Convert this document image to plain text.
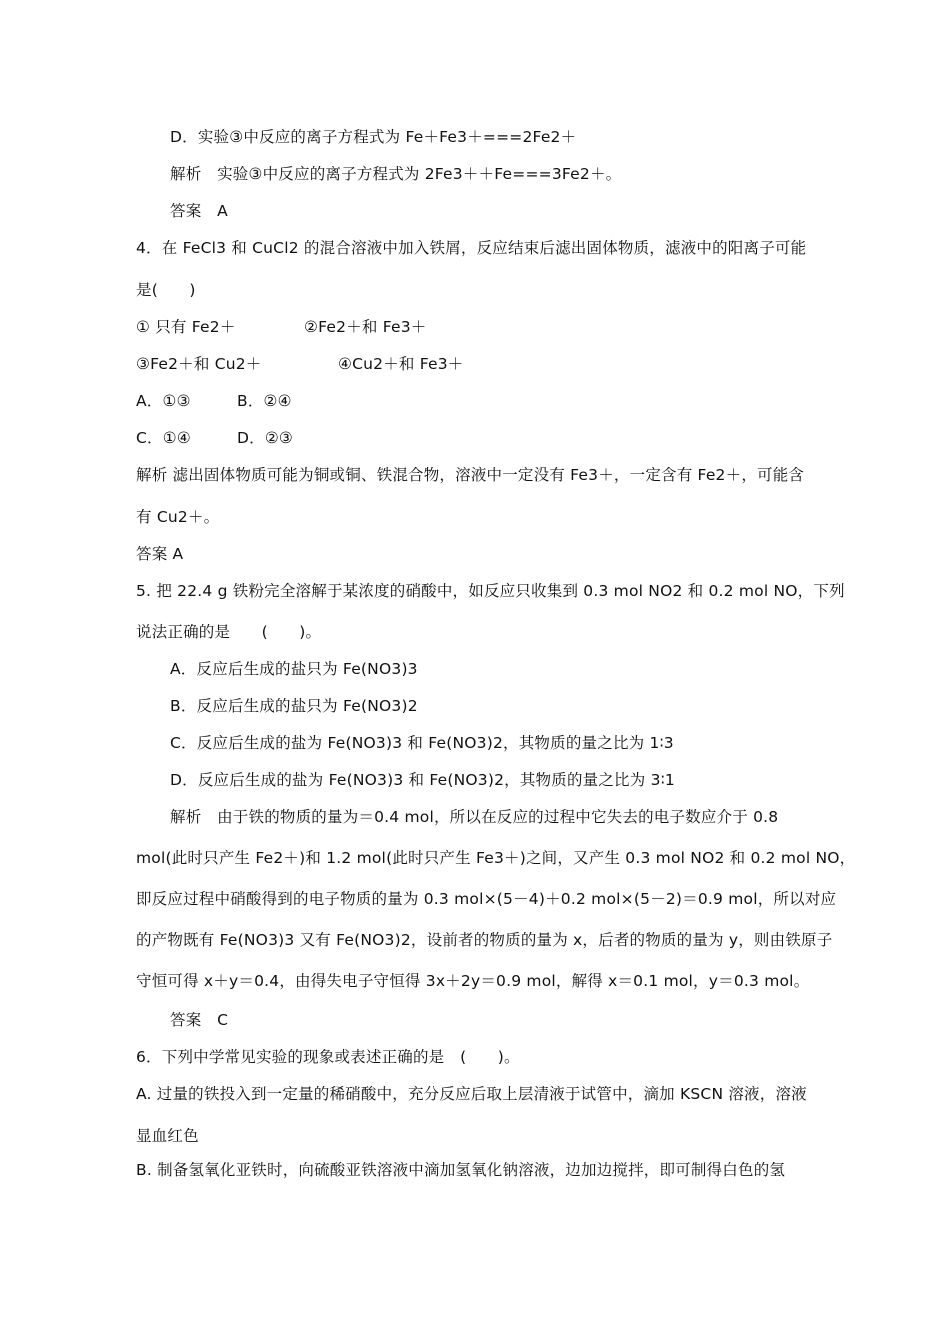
D．实验③中反应的离子方程式为 Fe＋Fe3＋===2Fe2＋
解析　实验③中反应的离子方程式为 2Fe3＋＋Fe===3Fe2＋。
答案　A
4．在 FeCl3 和 CuCl2 的混合溶液中加入铁屑，反应结束后滤出固体物质，滤液中的阳离子可能
是(　　)
① 只有 Fe2＋	②Fe2＋和 Fe3＋
③Fe2＋和 Cu2＋	④Cu2＋和 Fe3＋
A．①③	B．②④
C．①④	D．②③
解析 滤出固体物质可能为铜或铜、铁混合物，溶液中一定没有 Fe3＋，一定含有 Fe2＋，可能含
有 Cu2＋。
答案 A
5. 把 22.4 g 铁粉完全溶解于某浓度的硝酸中，如反应只收集到 0.3 mol NO2 和 0.2 mol NO，下列
说法正确的是　　(　　)。
A．反应后生成的盐只为 Fe(NO3)3
B．反应后生成的盐只为 Fe(NO3)2
C．反应后生成的盐为 Fe(NO3)3 和 Fe(NO3)2，其物质的量之比为 1∶3
D．反应后生成的盐为 Fe(NO3)3 和 Fe(NO3)2，其物质的量之比为 3∶1
解析　由于铁的物质的量为＝0.4 mol，所以在反应的过程中它失去的电子数应介于 0.8
mol(此时只产生 Fe2＋)和 1.2 mol(此时只产生 Fe3＋)之间，又产生 0.3 mol NO2 和 0.2 mol NO，
即反应过程中硝酸得到的电子物质的量为 0.3 mol×(5－4)＋0.2 mol×(5－2)＝0.9 mol，所以对应
的产物既有 Fe(NO3)3 又有 Fe(NO3)2，设前者的物质的量为 x，后者的物质的量为 y，则由铁原子
守恒可得 x＋y＝0.4，由得失电子守恒得 3x＋2y＝0.9 mol，解得 x＝0.1 mol，y＝0.3 mol。
答案　C
6．下列中学常见实验的现象或表述正确的是　(　　)。
A. 过量的铁投入到一定量的稀硝酸中，充分反应后取上层清液于试管中，滴加 KSCN 溶液，溶液
显血红色
B. 制备氢氧化亚铁时，向硫酸亚铁溶液中滴加氢氧化钠溶液，边加边搅拌，即可制得白色的氢
